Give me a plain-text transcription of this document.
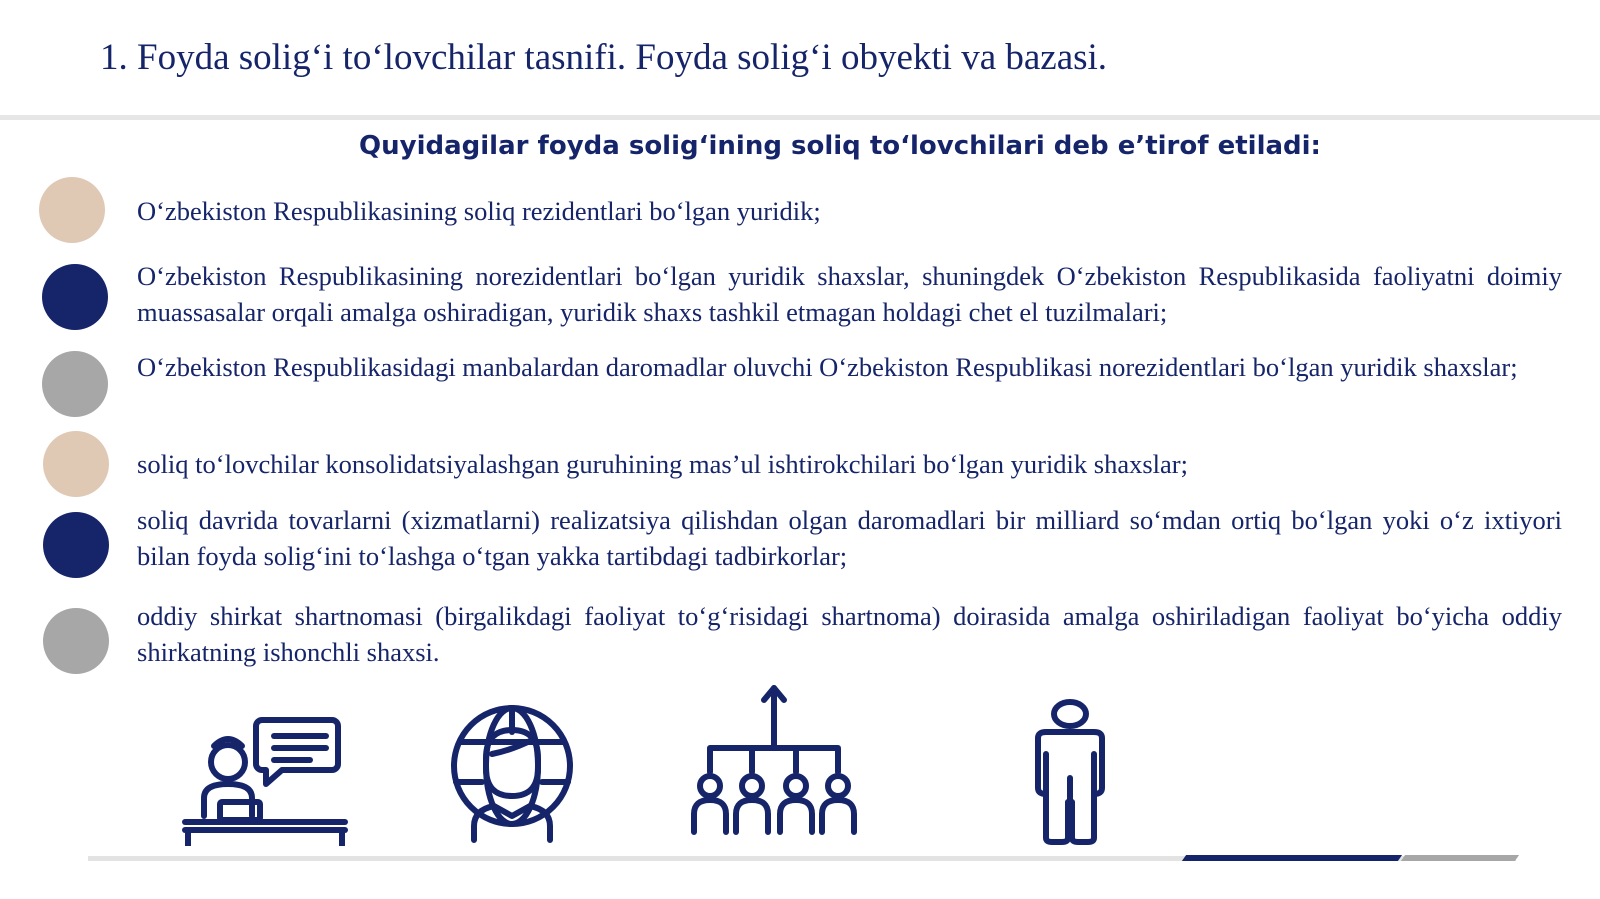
1. Foyda solig‘i to‘lovchilar tasnifi. Foyda solig‘i obyekti va bazasi.
Quyidagilar foyda solig‘ining soliq to‘lovchilari deb e’tirof etiladi:
O‘zbekiston Respublikasining soliq rezidentlari bo‘lgan yuridik;
O‘zbekiston Respublikasining norezidentlari bo‘lgan yuridik shaxslar, shuningdek O‘zbekiston Respublikasida faoliyatni doimiy muassasalar orqali amalga oshiradigan, yuridik shaxs tashkil etmagan holdagi chet el tuzilmalari;
O‘zbekiston Respublikasidagi manbalardan daromadlar oluvchi O‘zbekiston Respublikasi norezidentlari bo‘lgan yuridik shaxslar;
soliq to‘lovchilar konsolidatsiyalashgan guruhining mas’ul ishtirokchilari bo‘lgan yuridik shaxslar;
soliq davrida tovarlarni (xizmatlarni) realizatsiya qilishdan olgan daromadlari bir milliard so‘mdan ortiq bo‘lgan yoki o‘z ixtiyori bilan foyda solig‘ini to‘lashga o‘tgan yakka tartibdagi tadbirkorlar;
oddiy shirkat shartnomasi (birgalikdagi faoliyat to‘g‘risidagi shartnoma) doirasida amalga oshiriladigan faoliyat bo‘yicha oddiy shirkatning ishonchli shaxsi.
